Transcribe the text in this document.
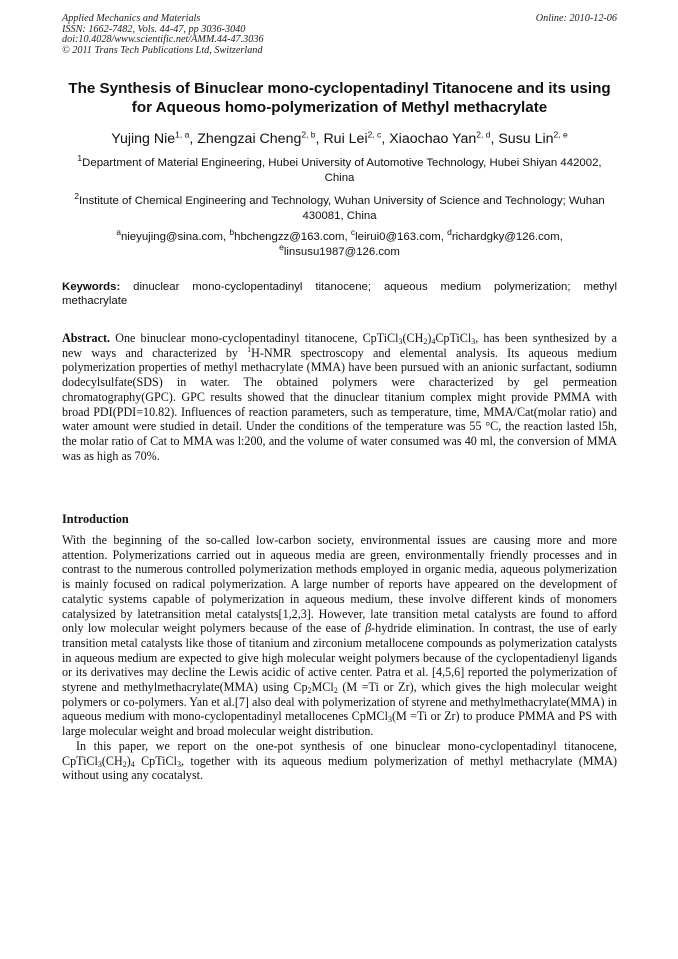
Applied Mechanics and Materials
ISSN: 1662-7482, Vols. 44-47, pp 3036-3040
doi:10.4028/www.scientific.net/AMM.44-47.3036
© 2011 Trans Tech Publications Ltd, Switzerland
Online: 2010-12-06
The Synthesis of Binuclear mono-cyclopentadinyl Titanocene and its using for Aqueous homo-polymerization of Methyl methacrylate
Yujing Nie$^{1, a}$, Zhengzai Cheng$^{2, b}$, Rui Lei$^{2, c}$, Xiaochao Yan$^{2, d}$, Susu Lin$^{2, e}$
$^1$Department of Material Engineering, Hubei University of Automotive Technology, Hubei Shiyan 442002, China
$^2$Institute of Chemical Engineering and Technology, Wuhan University of Science and Technology; Wuhan 430081, China
$^a$nieyujing@sina.com, $^b$hbchengzz@163.com, $^c$leirui0@163.com, $^d$richardgky@126.com,
$^e$linsusu1987@126.com
Keywords: dinuclear mono-cyclopentadinyl titanocene; aqueous medium polymerization; methyl methacrylate
Abstract. One binuclear mono-cyclopentadinyl titanocene, $CpTiCl_3(CH_2)_4CpTiCl_3$, has been synthesized by a new ways and characterized by $^1$H-NMR spectroscopy and elemental analysis. Its aqueous medium polymerization properties of methyl methacrylate (MMA) have been pursued with an anionic surfactant, sodiumn dodecylsulfate(SDS) in water. The obtained polymers were characterized by gel permeation chromatography(GPC). GPC results showed that the dinuclear titanium complex might provide PMMA with broad PDI(PDI=10.82). Influences of reaction parameters, such as temperature, time, MMA/Cat(molar ratio) and water amount were studied in detail. Under the conditions of the temperature was 55 °C, the reaction lasted l5h, the molar ratio of Cat to MMA was l:200, and the volume of water consumed was 40 ml, the conversion of MMA was as high as 70%.
Introduction

With the beginning of the so-called low-carbon society, environmental issues are causing more and more attention. Polymerizations carried out in aqueous media are green, environmentally friendly processes and in contrast to the numerous controlled polymerization methods employed in organic media, aqueous polymerization is mainly focused on radical polymerization. A large number of reports have appeared on the development of catalytic systems capable of polymerization in aqueous medium, these involve different kinds of monomers catalysized by latetransition metal catalysts[1,2,3]. However, late transition metal catalysts are found to afford only low molecular weight polymers because of the ease of β-hydride elimination. In contrast, the use of early transition metal catalysts like those of titanium and zirconium metallocene compounds as polymerization catalysts in aqueous medium are expected to give high molecular weight polymers because of the cyclopentadienyl ligands or its derivatives may decline the Lewis acidic of active center. Patra et al. [4,5,6] reported the polymerization of styrene and methylmethacrylate(MMA) using $Cp_2MCl_2$ (M =Ti or Zr), which gives the high molecular weight polymers or co-polymers. Yan et al.[7] also deal with polymerization of styrene and methylmethacrylate(MMA) in aqueous medium with mono-cyclopentadinyl metallocenes CpMCl$_3$(M =Ti or Zr) to produce PMMA and PS with large molecular weight and broad molecular weight distribution.

In this paper, we report on the one-pot synthesis of one binuclear mono-cyclopentadinyl titanocene, $CpTiCl_3(CH_2)_4$ CpTiCl$_3$, together with its aqueous medium polymerization of methyl methacrylate (MMA) without using any cocatalyst.
